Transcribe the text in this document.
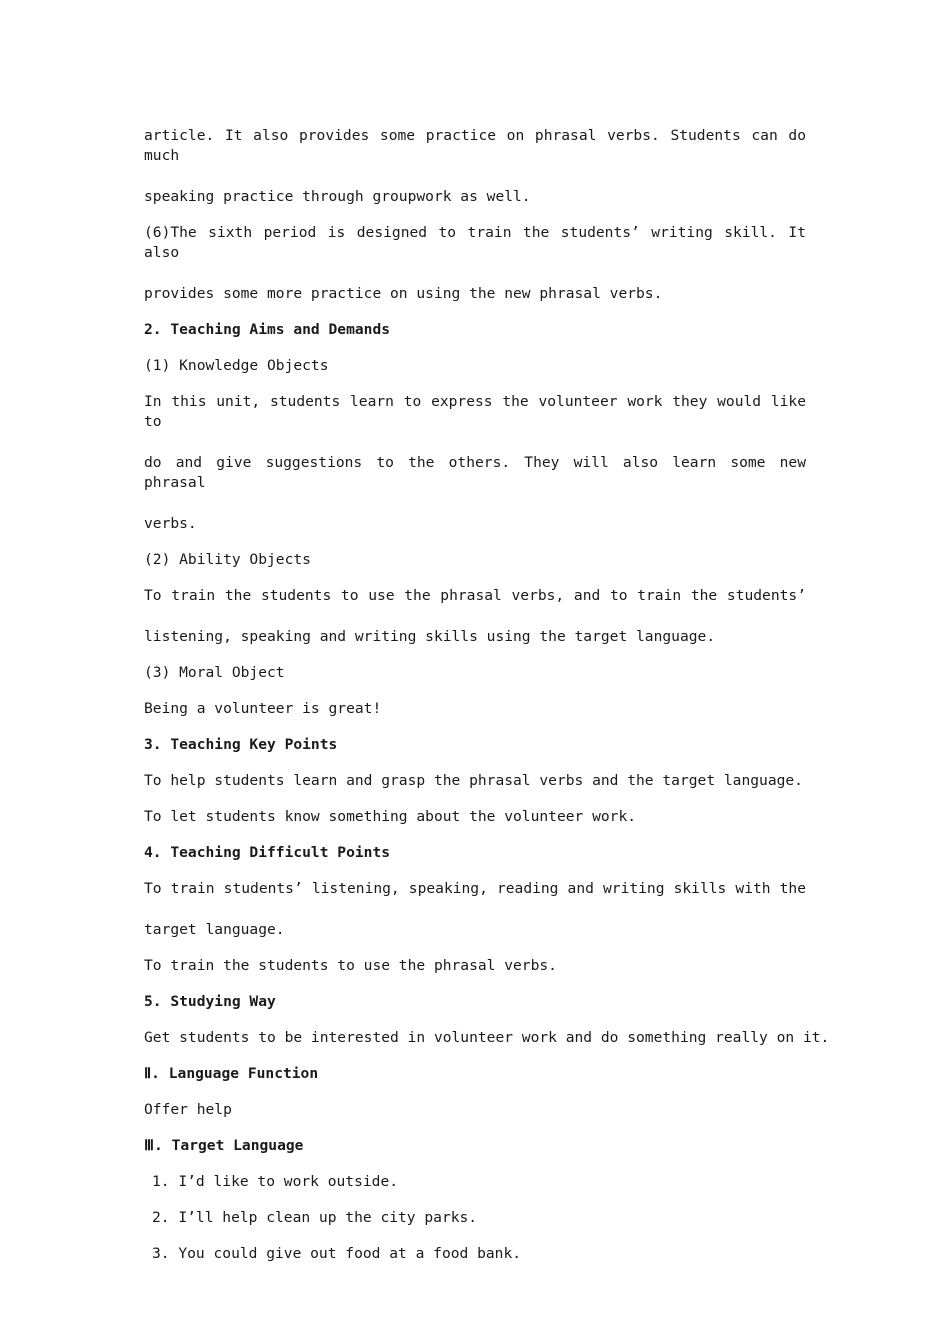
article. It also provides some practice on phrasal verbs. Students can do much

speaking practice through groupwork as well.

(6)The sixth period is designed to train the students’ writing skill. It also

provides some more practice on using the new phrasal verbs.

2. Teaching Aims and Demands

(1) Knowledge Objects

In this unit, students learn to express the volunteer work they would like to

do and give suggestions to the others. They will also learn some new phrasal

verbs.

(2) Ability Objects

To train the students to use the phrasal verbs, and to train the students’

listening, speaking and writing skills using the target language.

(3) Moral Object

Being a volunteer is great!

3. Teaching Key Points

To help students learn and grasp the phrasal verbs and the target language.

To let students know something about the volunteer work.

4. Teaching Difficult Points

To train students’ listening, speaking, reading and writing skills with the

target language.

To train the students to use the phrasal verbs.

5. Studying Way

Get students to be interested in volunteer work and do something really on it.

Ⅱ. Language Function

Offer help

Ⅲ. Target Language

1. I’d like to work outside.

2. I’ll help clean up the city parks.

3. You could give out food at a food bank.
